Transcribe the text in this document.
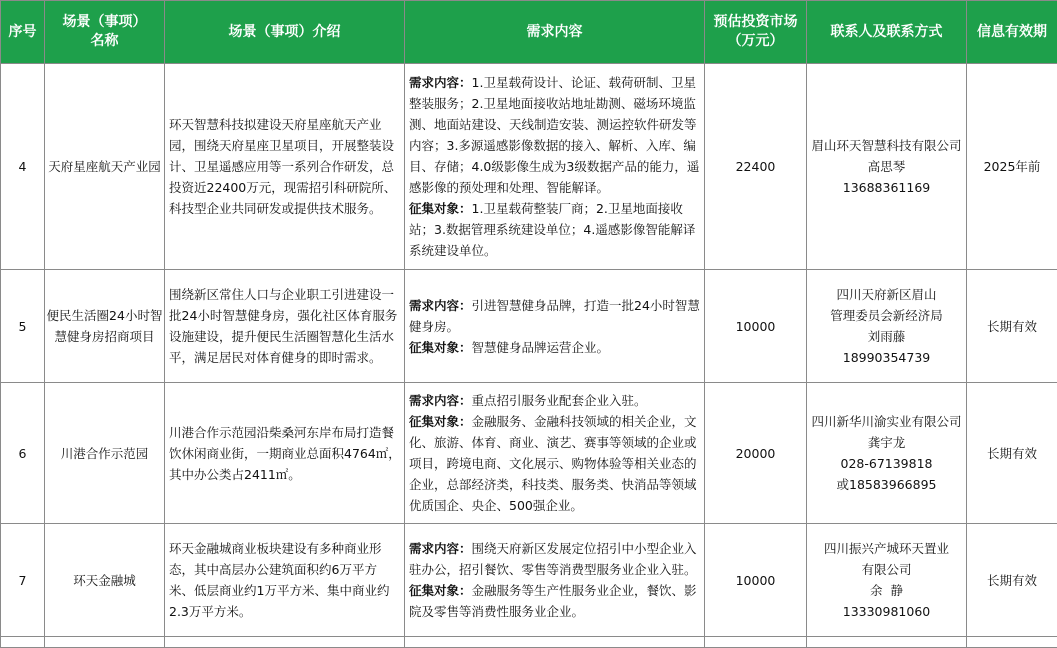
序号	场景（事项）名称	场景（事项）介绍	需求内容	预估投资市场（万元）	联系人及联系方式	信息有效期
4	天府星座航天产业园	环天智慧科技拟建设天府星座航天产业园，围绕天府星座卫星项目，开展整装设计、卫星遥感应用等一系列合作研发，总投资近22400万元，现需招引科研院所、科技型企业共同研发或提供技术服务。	需求内容：1.卫星载荷设计、论证、载荷研制、卫星整装服务；2.卫星地面接收站地址勘测、磁场环境监测、地面站建设、天线制造安装、测运控软件研发等内容；3.多源遥感影像数据的接入、解析、入库、编目、存储；4.0级影像生成为3级数据产品的能力，遥感影像的预处理和处理、智能解译。
征集对象：1.卫星载荷整装厂商；2.卫星地面接收站；3.数据管理系统建设单位；4.遥感影像智能解译系统建设单位。	22400	眉山环天智慧科技有限公司
高思琴
13688361169	2025年前
5	便民生活圈24小时智慧健身房招商项目	围绕新区常住人口与企业职工引进建设一批24小时智慧健身房，强化社区体育服务设施建设，提升便民生活圈智慧化生活水平，满足居民对体育健身的即时需求。	需求内容：引进智慧健身品牌，打造一批24小时智慧健身房。
征集对象：智慧健身品牌运营企业。	10000	四川天府新区眉山
管理委员会新经济局
刘雨藤
18990354739	长期有效
6	川港合作示范园	川港合作示范园沿柴桑河东岸布局打造餐饮休闲商业街，一期商业总面积4764㎡，其中办公类占2411㎡。	需求内容：重点招引服务业配套企业入驻。
征集对象：金融服务、金融科技领域的相关企业，文化、旅游、体育、商业、演艺、赛事等领域的企业或项目，跨境电商、文化展示、购物体验等相关业态的企业，总部经济类，科技类、服务类、快消品等领域优质国企、央企、500强企业。	20000	四川新华川渝实业有限公司
龚宇龙
028-67139818
或18583966895	长期有效
7	环天金融城	环天金融城商业板块建设有多种商业形态，其中高层办公建筑面积约6万平方米、低层商业约1万平方米、集中商业约2.3万平方米。	需求内容：围绕天府新区发展定位招引中小型企业入驻办公，招引餐饮、零售等消费型服务业企业入驻。
征集对象：金融服务等生产性服务业企业，餐饮、影院及零售等消费性服务业企业。	10000	四川振兴产城环天置业
有限公司
余  静
13330981060	长期有效
